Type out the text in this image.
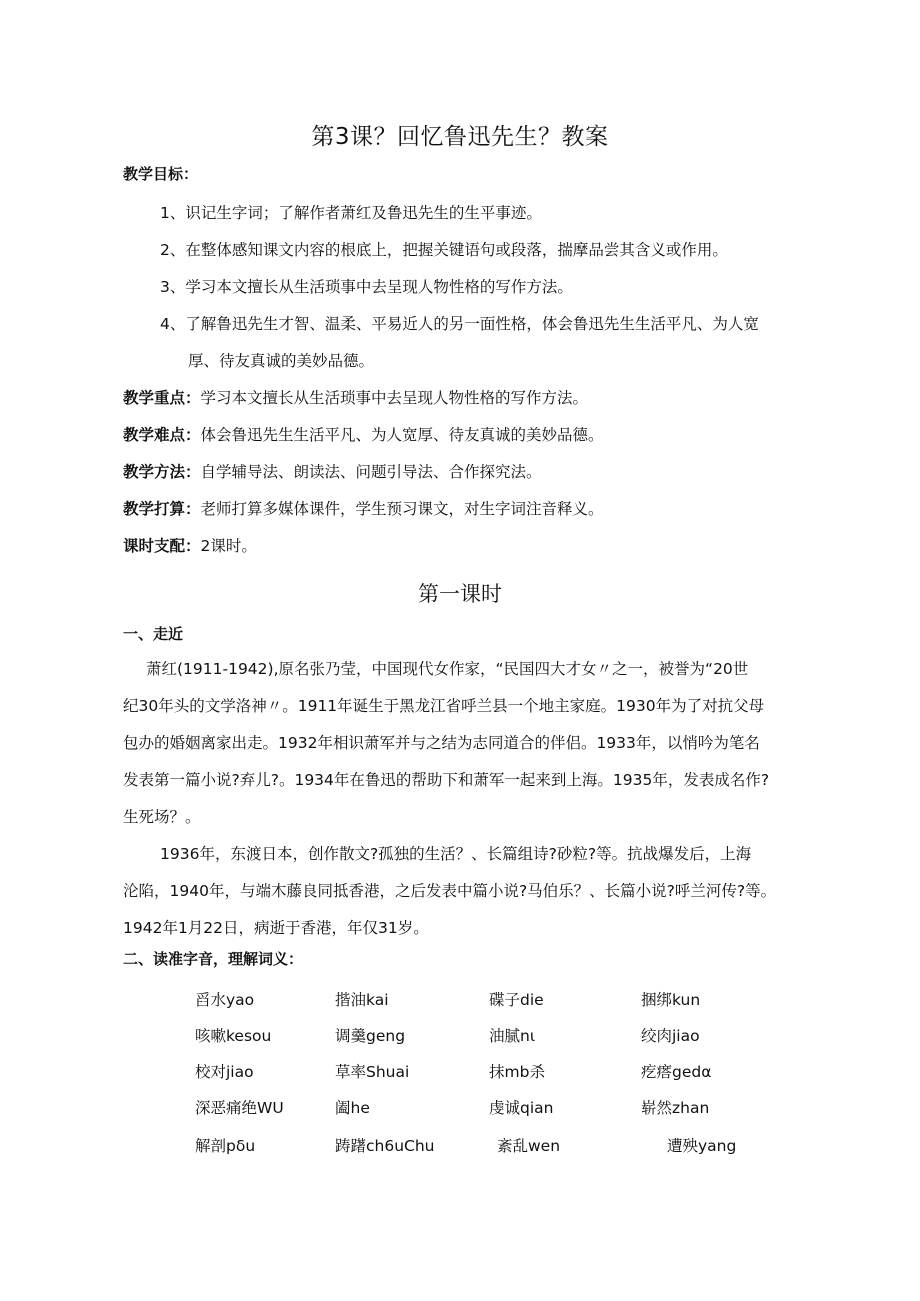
第3课？回忆鲁迅先生？教案
教学目标：
1、识记生字词；了解作者萧红及鲁迅先生的生平事迹。
2、在整体感知课文内容的根底上，把握关键语句或段落，揣摩品尝其含义或作用。
3、学习本文擅长从生活琐事中去呈现人物性格的写作方法。
4、了解鲁迅先生才智、温柔、平易近人的另一面性格，体会鲁迅先生生活平凡、为人宽
厚、待友真诚的美妙品德。
教学重点：学习本文擅长从生活琐事中去呈现人物性格的写作方法。
教学难点：体会鲁迅先生生活平凡、为人宽厚、待友真诚的美妙品德。
教学方法：自学辅导法、朗读法、问题引导法、合作探究法。
教学打算：老师打算多媒体课件，学生预习课文，对生字词注音释义。
课时支配：2课时。
第一课时
一、走近

萧红(1911-1942),原名张乃莹，中国现代女作家，“民国四大才女〃之一，被誉为“20世

纪30年头的文学洛神〃。1911年诞生于黑龙江省呼兰县一个地主家庭。1930年为了对抗父母

包办的婚姻离家出走。1932年相识萧军并与之结为志同道合的伴侣。1933年，以悄吟为笔名

发表第一篇小说?弃儿?。1934年在鲁迅的帮助下和萧军一起来到上海。1935年，发表成名作?

生死场？。

1936年，东渡日本，创作散文?孤独的生活？、长篇组诗?砂粒?等。抗战爆发后，上海

沦陷，1940年，与端木藤良同抵香港，之后发表中篇小说?马伯乐？、长篇小说?呼兰河传?等。

1942年1月22日，病逝于香港，年仅31岁。

二、读准字音，理解词义：
舀水yao	揩油kai	碟子die	捆绑kun
咳嗽kesou	调羹geng	油腻nι	绞肉jiao
校对jiao	草率Shuai	抹mb杀	疙瘩gedα
深恶痛绝WU	阖he	虔诚qian	崭然zhan
解剖pδu	踌躇ch6uChu	紊乱wen	遭殃yang
